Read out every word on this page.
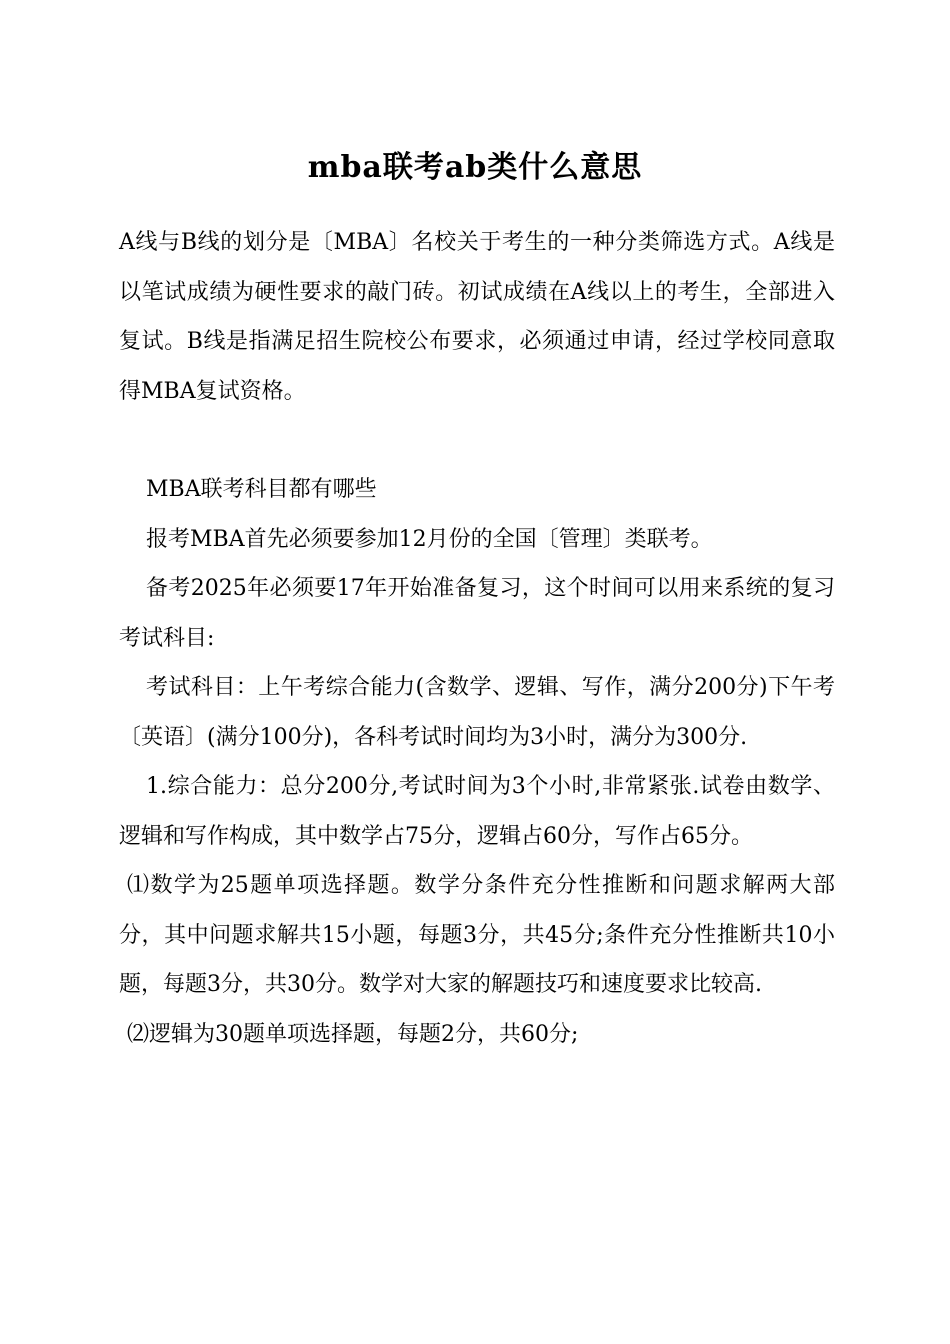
mba联考ab类什么意思

A线与B线的划分是〔MBA〕名校关于考生的一种分类筛选方式。A线是以笔试成绩为硬性要求的敲门砖。初试成绩在A线以上的考生，全部进入复试。B线是指满足招生院校公布要求，必须通过申请，经过学校同意取得MBA复试资格。

MBA联考科目都有哪些

报考MBA首先必须要参加12月份的全国〔管理〕类联考。

备考2025年必须要17年开始准备复习，这个时间可以用来系统的复习考试科目:

考试科目：上午考综合能力(含数学、逻辑、写作，满分200分)下午考〔英语〕(满分100分)，各科考试时间均为3小时，满分为300分.

1.综合能力：总分200分,考试时间为3个小时,非常紧张.试卷由数学、逻辑和写作构成，其中数学占75分，逻辑占60分，写作占65分。

⑴数学为25题单项选择题。数学分条件充分性推断和问题求解两大部分，其中问题求解共15小题，每题3分，共45分;条件充分性推断共10小题，每题3分，共30分。数学对大家的解题技巧和速度要求比较高.

⑵逻辑为30题单项选择题，每题2分，共60分;
